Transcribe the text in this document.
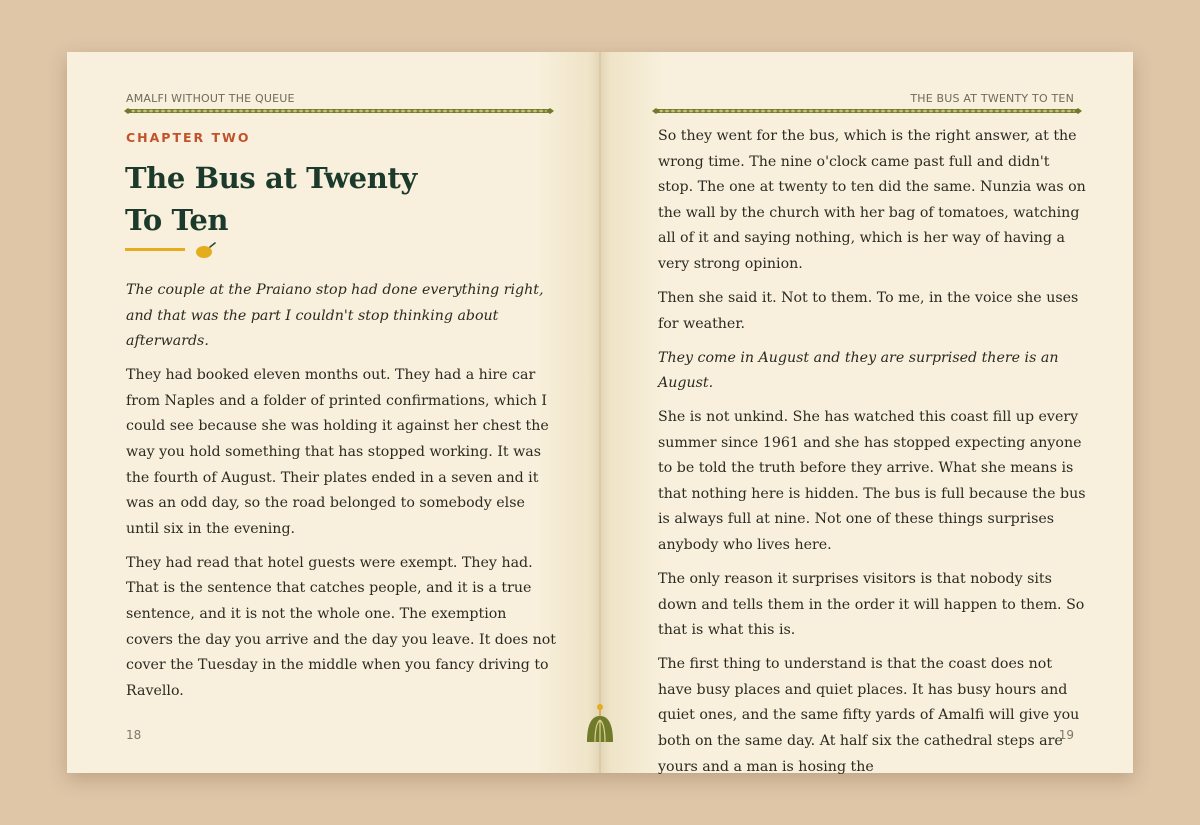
AMALFI WITHOUT THE QUEUE
CHAPTER TWO
The Bus at Twenty
To Ten

The couple at the Praiano stop had done everything right, and that was the part I couldn't stop thinking about afterwards.

They had booked eleven months out. They had a hire car from Naples and a folder of printed confirmations, which I could see because she was holding it against her chest the way you hold something that has stopped working. It was the fourth of August. Their plates ended in a seven and it was an odd day, so the road belonged to somebody else until six in the evening.

They had read that hotel guests were exempt. They had. That is the sentence that catches people, and it is a true sentence, and it is not the whole one. The exemption covers the day you arrive and the day you leave. It does not cover the Tuesday in the middle when you fancy driving to Ravello.

18
THE BUS AT TWENTY TO TEN

So they went for the bus, which is the right answer, at the wrong time. The nine o'clock came past full and didn't stop. The one at twenty to ten did the same. Nunzia was on the wall by the church with her bag of tomatoes, watching all of it and saying nothing, which is her way of having a very strong opinion.

Then she said it. Not to them. To me, in the voice she uses for weather.

They come in August and they are surprised there is an August.

She is not unkind. She has watched this coast fill up every summer since 1961 and she has stopped expecting anyone to be told the truth before they arrive. What she means is that nothing here is hidden. The bus is full because the bus is always full at nine. Not one of these things surprises anybody who lives here.

The only reason it surprises visitors is that nobody sits down and tells them in the order it will happen to them. So that is what this is.

The first thing to understand is that the coast does not have busy places and quiet places. It has busy hours and quiet ones, and the same fifty yards of Amalfi will give you both on the same day. At half six the cathedral steps are yours and a man is hosing the

19
